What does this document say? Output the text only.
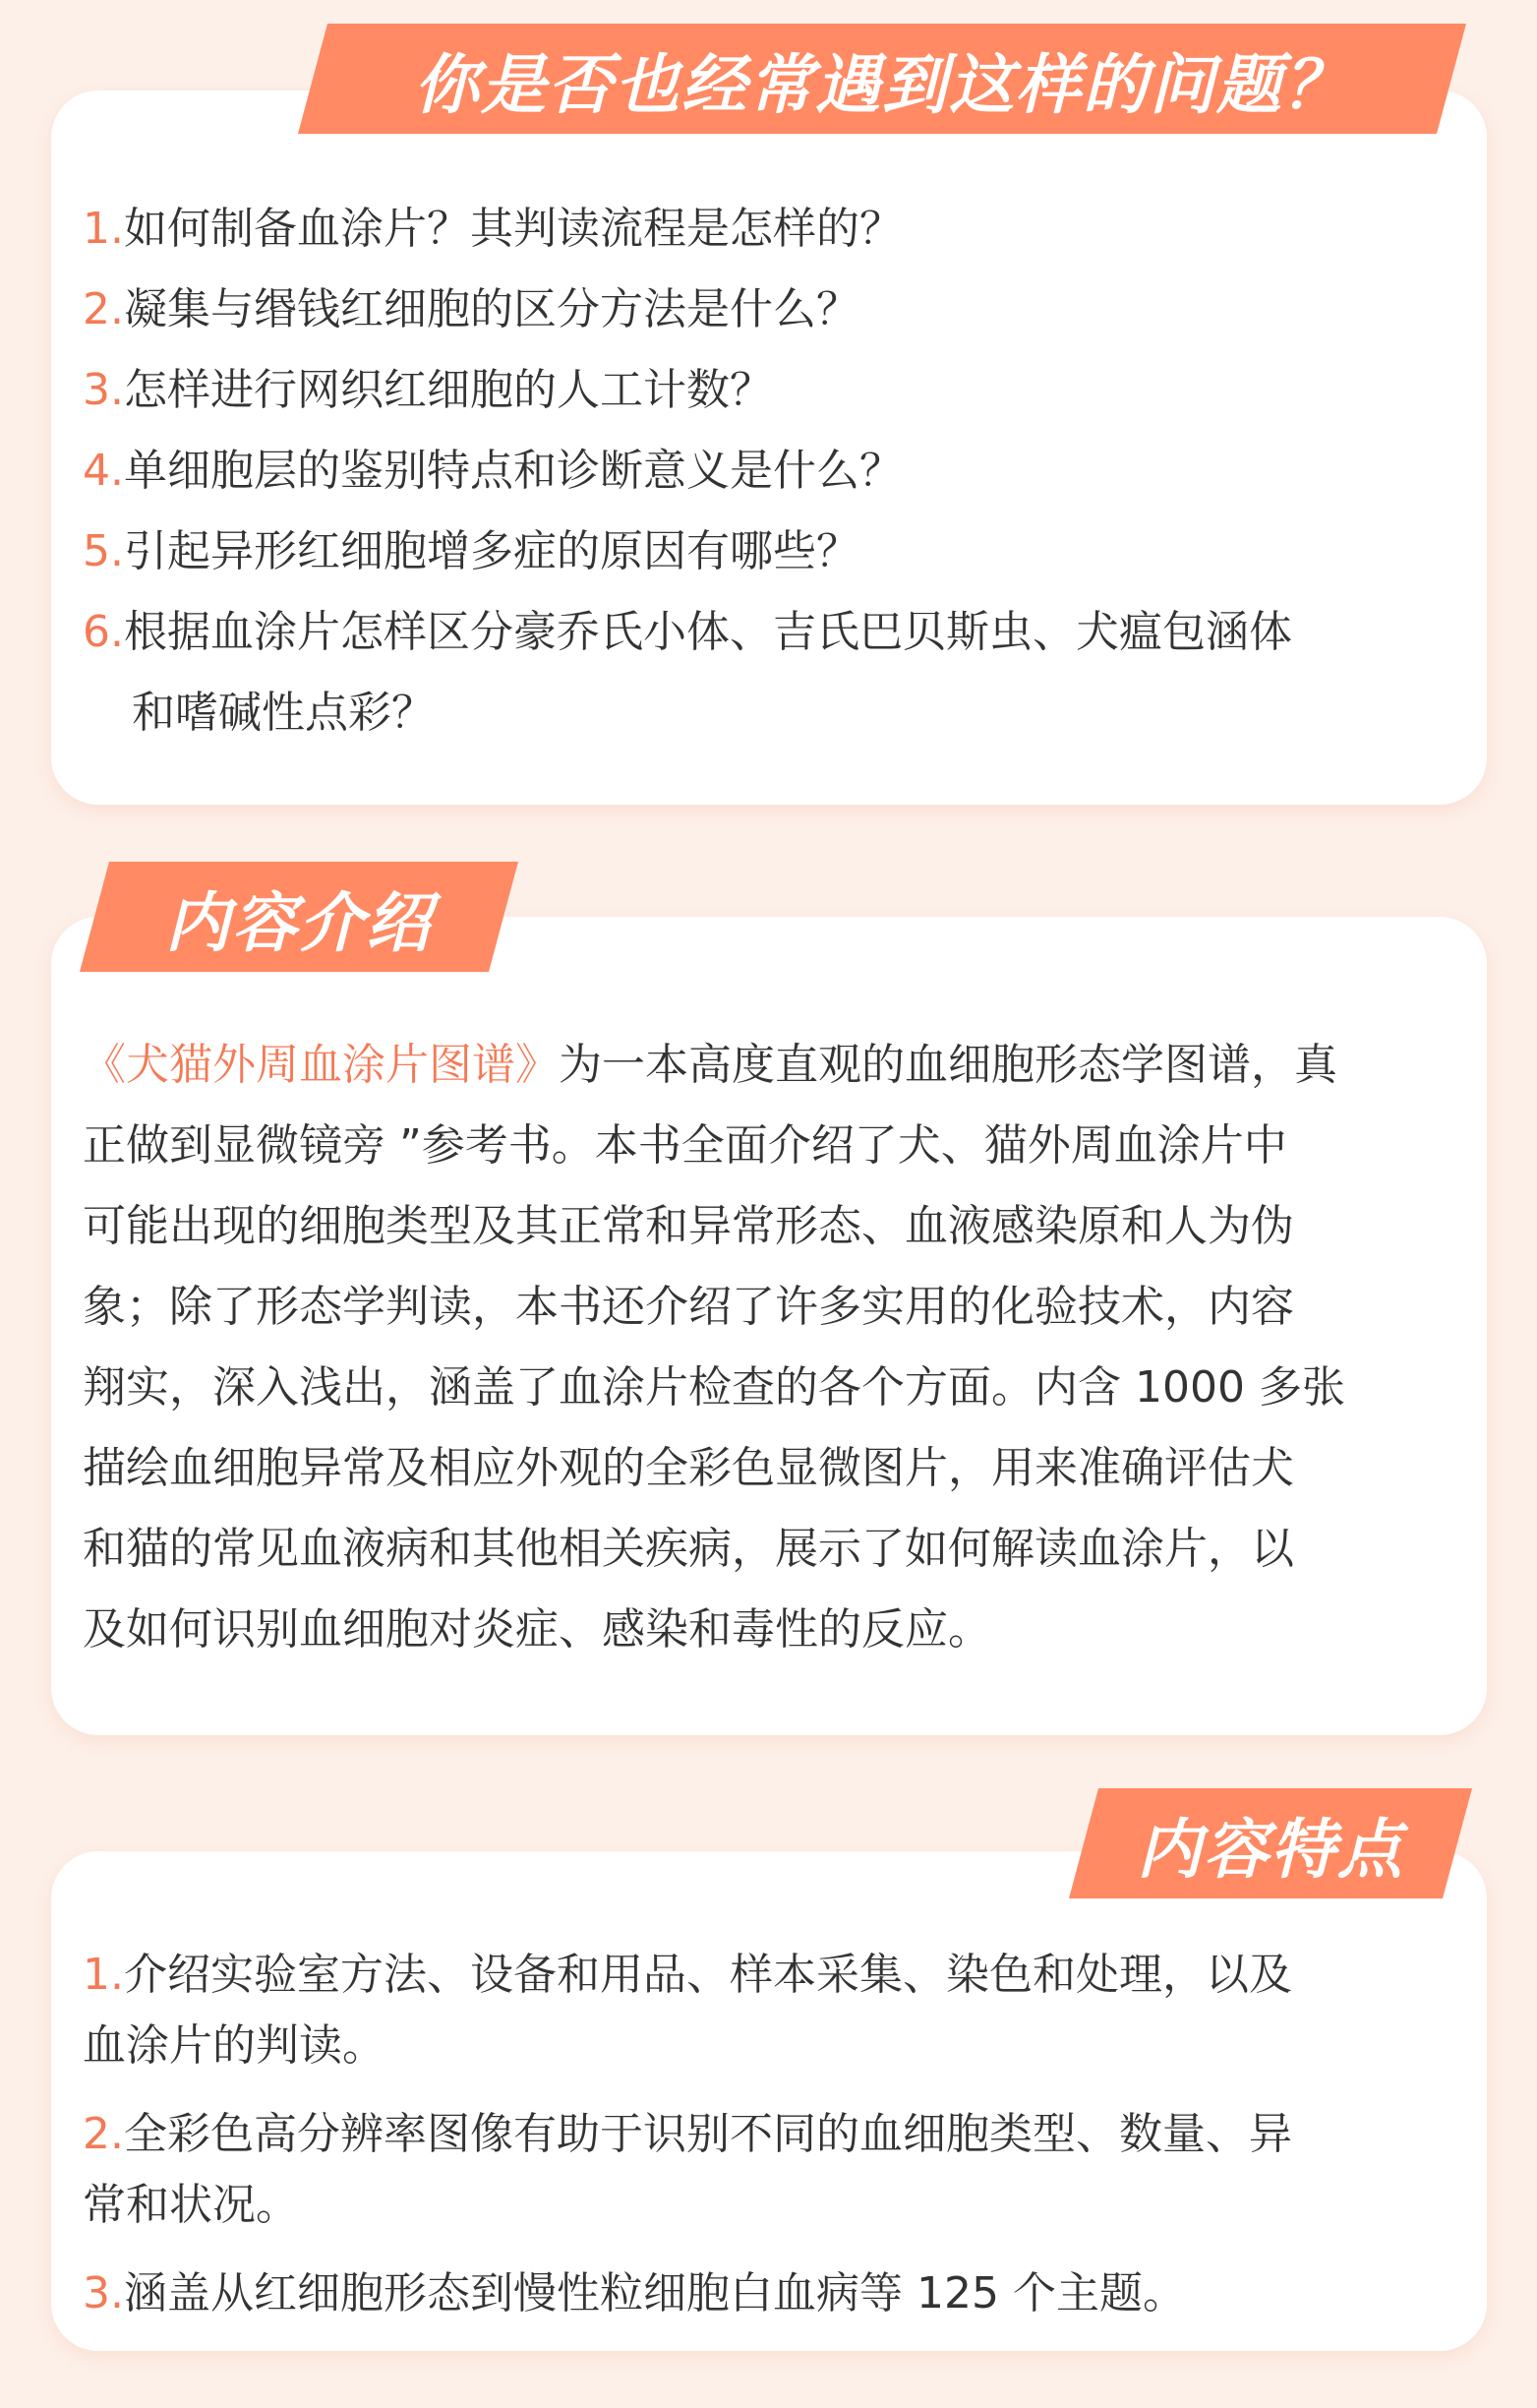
1.如何制备血涂片？其判读流程是怎样的？
2.凝集与缗钱红细胞的区分方法是什么？
3.怎样进行网织红细胞的人工计数？
4.单细胞层的鉴别特点和诊断意义是什么？
5.引起异形红细胞增多症的原因有哪些？
6.根据血涂片怎样区分豪乔氏小体、吉氏巴贝斯虫、犬瘟包涵体
和嗜碱性点彩？
你是否也经常遇到这样的问题？

《犬猫外周血涂片图谱》为一本高度直观的血细胞形态学图谱，真

正做到显微镜旁 ”参考书。本书全面介绍了犬、猫外周血涂片中

可能出现的细胞类型及其正常和异常形态、血液感染原和人为伪

象；除了形态学判读，本书还介绍了许多实用的化验技术，内容

翔实，深入浅出，涵盖了血涂片检查的各个方面。内含 1000 多张

描绘血细胞异常及相应外观的全彩色显微图片，用来准确评估犬

和猫的常见血液病和其他相关疾病，展示了如何解读血涂片，以

及如何识别血细胞对炎症、感染和毒性的反应。

内容介绍

1.介绍实验室方法、设备和用品、样本采集、染色和处理，以及

血涂片的判读。

2.全彩色高分辨率图像有助于识别不同的血细胞类型、数量、异

常和状况。

3.涵盖从红细胞形态到慢性粒细胞白血病等 125 个主题。

内容特点
